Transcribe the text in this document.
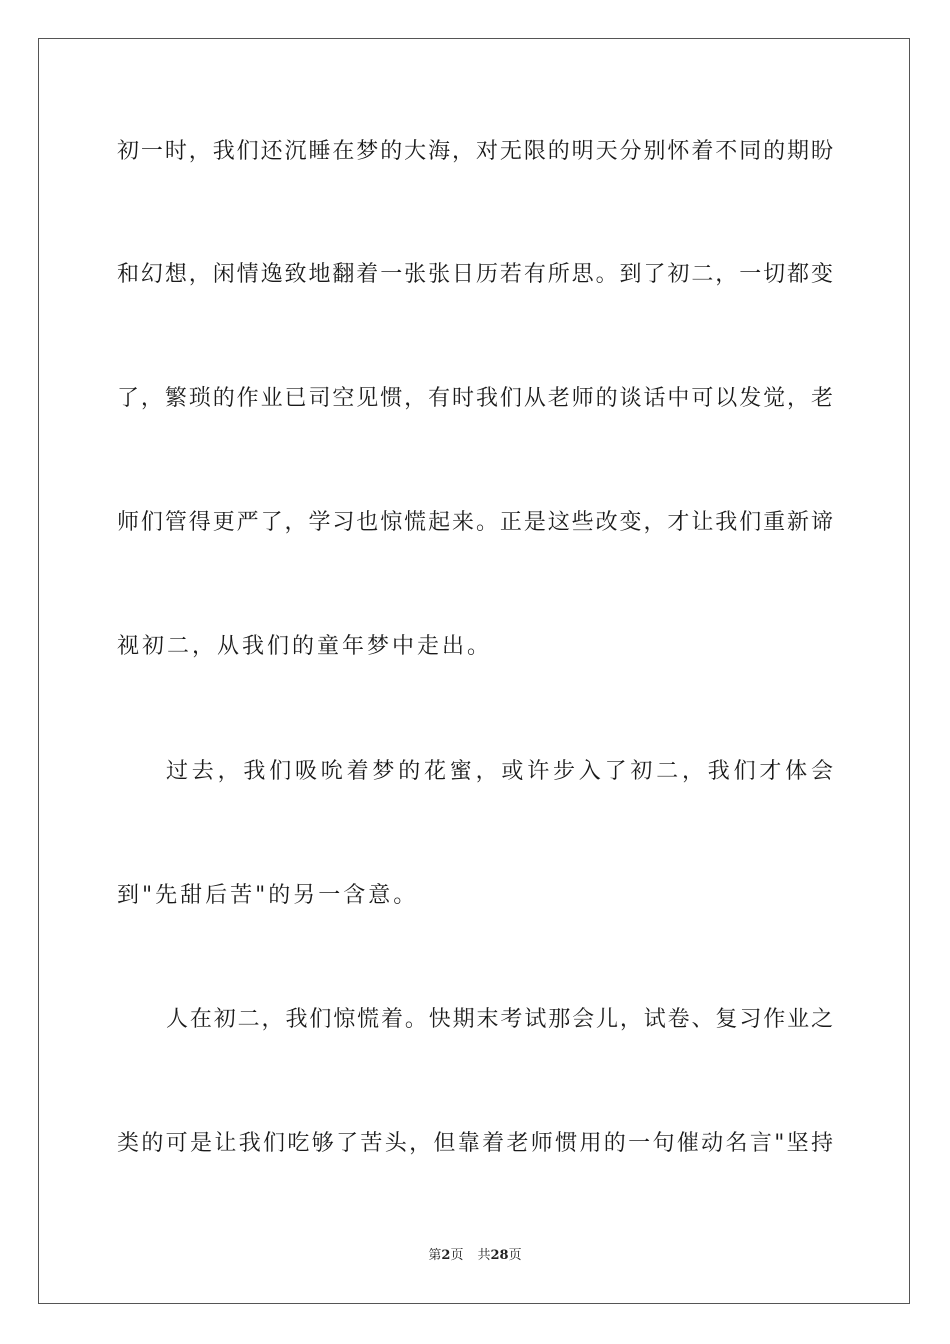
初一时，我们还沉睡在梦的大海，对无限的明天分别怀着不同的期盼
和幻想，闲情逸致地翻着一张张日历若有所思。到了初二，一切都变
了，繁琐的作业已司空见惯，有时我们从老师的谈话中可以发觉，老
师们管得更严了，学习也惊慌起来。正是这些改变，才让我们重新谛
视初二，从我们的童年梦中走出。
过去，我们吸吮着梦的花蜜，或许步入了初二，我们才体会
到"先甜后苦"的另一含意。
人在初二，我们惊慌着。快期末考试那会儿，试卷、复习作业之
类的可是让我们吃够了苦头，但靠着老师惯用的一句催动名言"坚持
第2页 共28页
